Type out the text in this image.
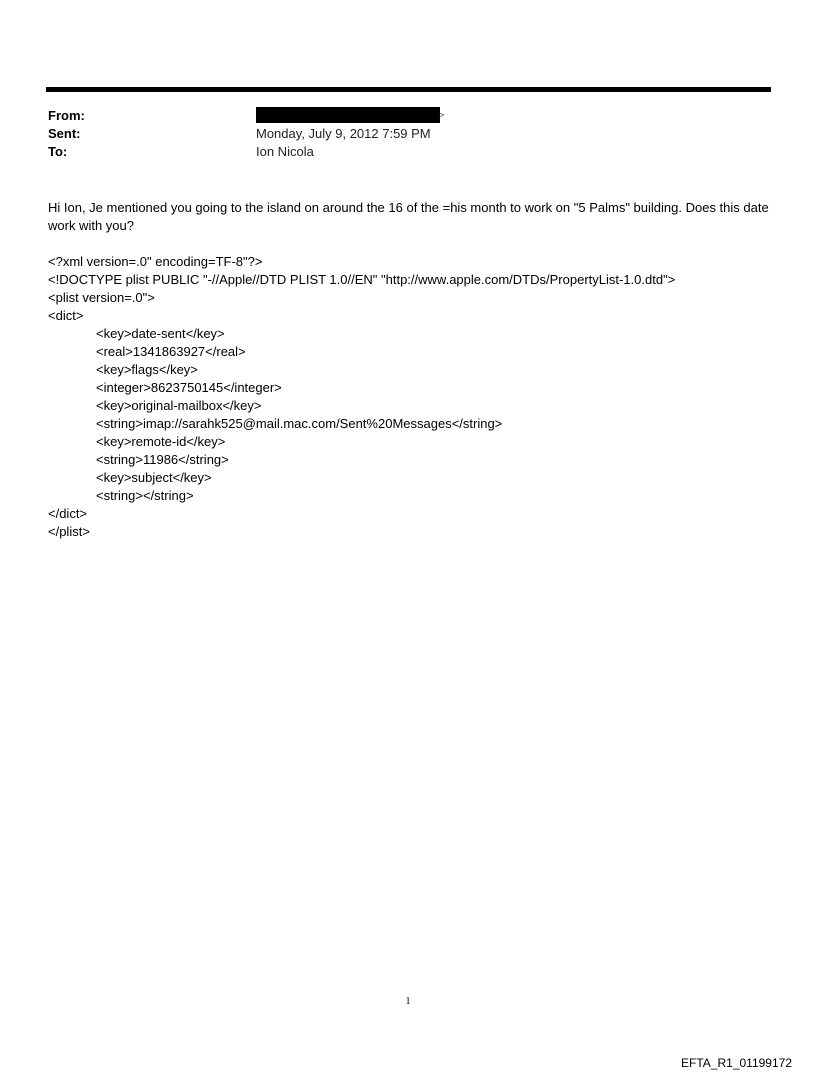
From:	>
Sent:	Monday, July 9, 2012 7:59 PM
To:	Ion Nicola

Hi Ion, Je mentioned you going to the island on around the 16 of the =his month to work on "5 Palms" building. Does this date work with you?

<?xml version=.0" encoding=TF-8"?>
<!DOCTYPE plist PUBLIC "-//Apple//DTD PLIST 1.0//EN" "http://www.apple.com/DTDs/PropertyList-1.0.dtd">
<plist version=.0">
<dict>
<key>date-sent</key>
<real>1341863927</real>
<key>flags</key>
<integer>8623750145</integer>
<key>original-mailbox</key>
<string>imap://sarahk525@mail.mac.com/Sent%20Messages</string>
<key>remote-id</key>
<string>11986</string>
<key>subject</key>
<string></string>
</dict>
</plist>
1
EFTA_R1_01199172
